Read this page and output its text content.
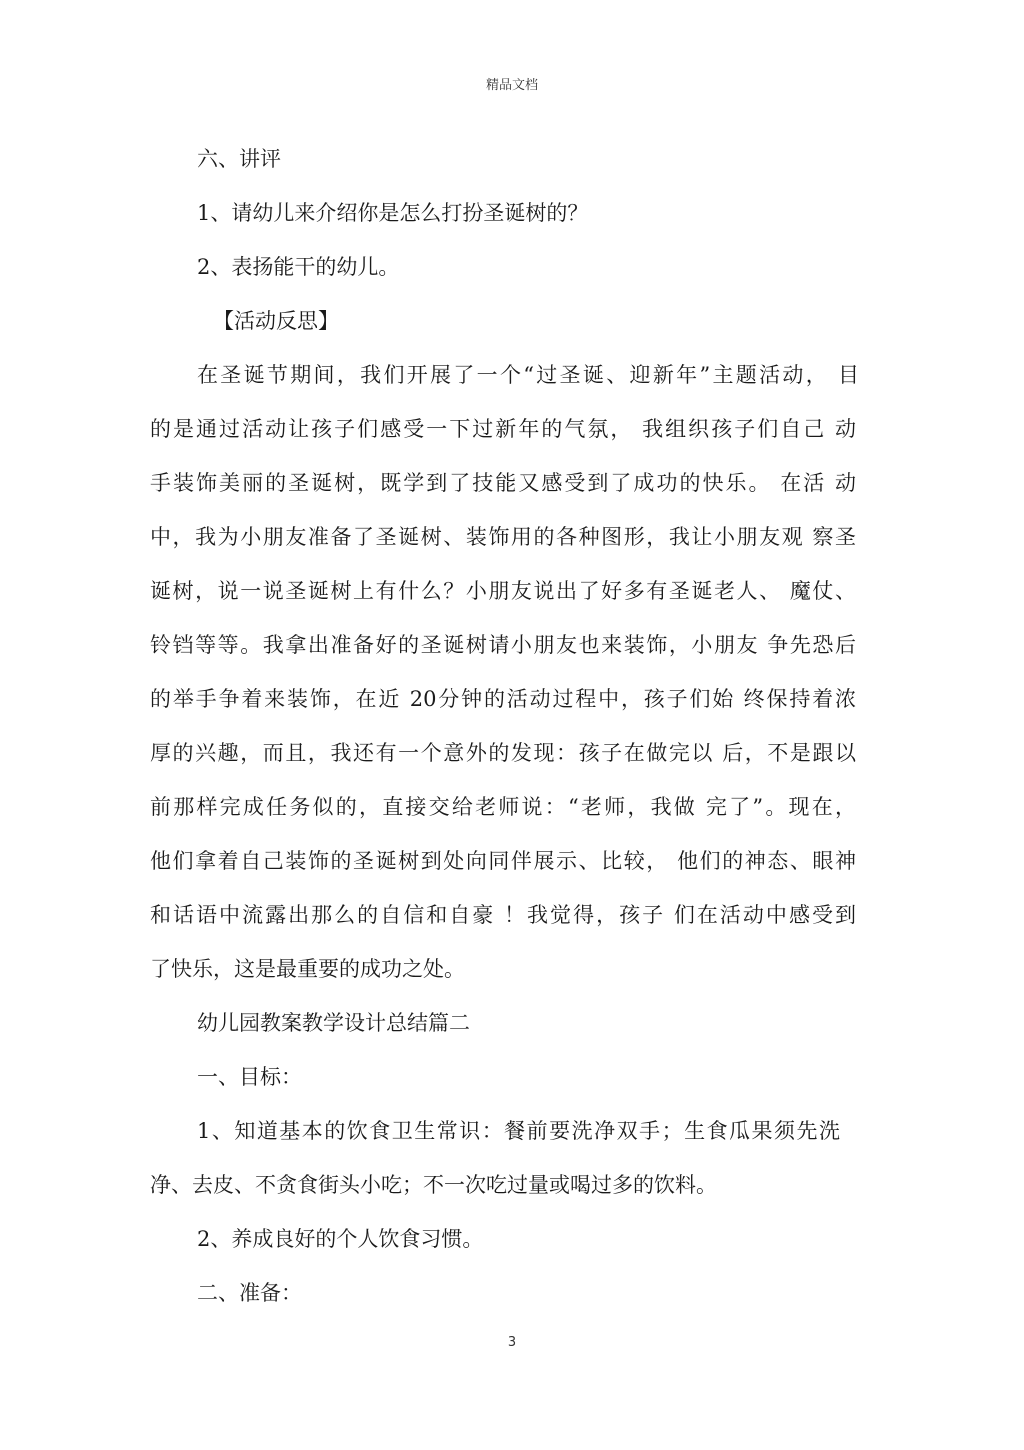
精品文档
六、讲评
1、请幼儿来介绍你是怎么打扮圣诞树的？
2、表扬能干的幼儿。
【活动反思】
在圣诞节期间，我们开展了一个“过圣诞、迎新年”主题活动， 目
的是通过活动让孩子们感受一下过新年的气氛， 我组织孩子们自己 动
手装饰美丽的圣诞树，既学到了技能又感受到了成功的快乐。 在活 动
中，我为小朋友准备了圣诞树、装饰用的各种图形，我让小朋友观 察圣
诞树，说一说圣诞树上有什么？小朋友说出了好多有圣诞老人、 魔仗、
铃铛等等。我拿出准备好的圣诞树请小朋友也来装饰，小朋友 争先恐后
的举手争着来装饰，在近 20分钟的活动过程中，孩子们始 终保持着浓
厚的兴趣，而且，我还有一个意外的发现：孩子在做完以 后，不是跟以
前那样完成任务似的，直接交给老师说：“老师，我做 完了”。现在，
他们拿着自己装饰的圣诞树到处向同伴展示、比较， 他们的神态、眼神
和话语中流露出那么的自信和自豪 ！我觉得，孩子 们在活动中感受到
了快乐，这是最重要的成功之处。
幼儿园教案教学设计总结篇二
一、目标：
1、知道基本的饮食卫生常识：餐前要洗净双手；生食瓜果须先洗
净、去皮、不贪食街头小吃；不一次吃过量或喝过多的饮料。
2、养成良好的个人饮食习惯。
二、准备：
3
